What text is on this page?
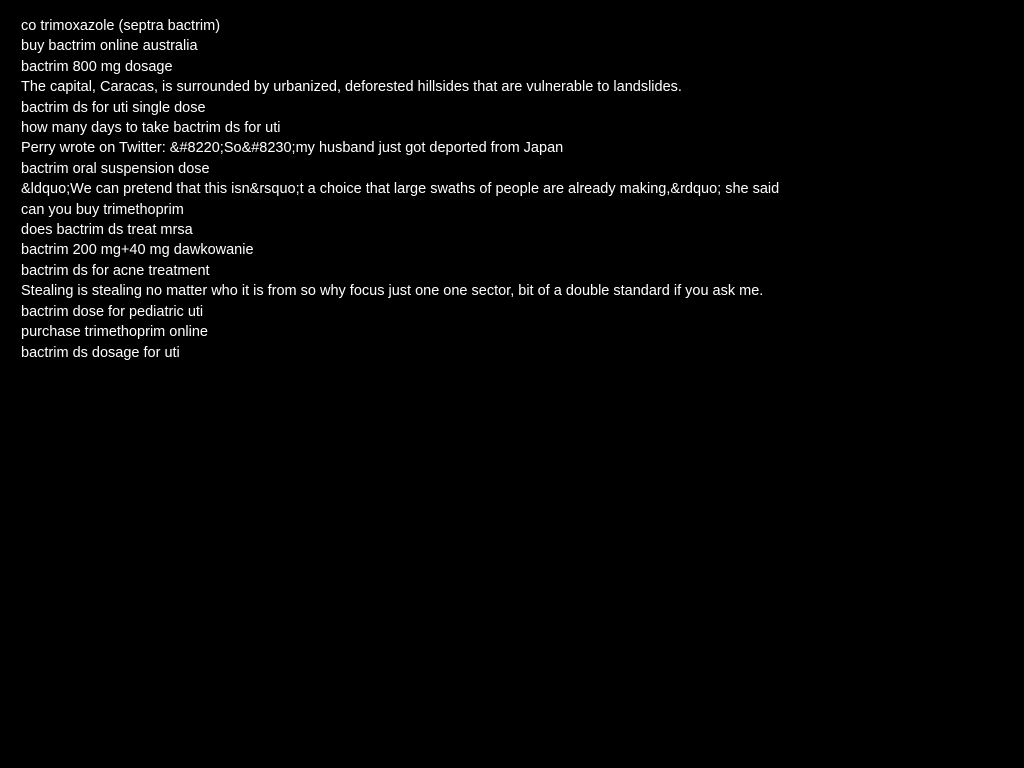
co trimoxazole (septra bactrim)
buy bactrim online australia
bactrim 800 mg dosage
The capital, Caracas, is surrounded by urbanized, deforested hillsides that are vulnerable to landslides.
bactrim ds for uti single dose
how many days to take bactrim ds for uti
Perry wrote on Twitter: &#8220;So&#8230;my husband just got deported from Japan
bactrim oral suspension dose
&ldquo;We can pretend that this isn&rsquo;t a choice that large swaths of people are already making,&rdquo; she said
can you buy trimethoprim
does bactrim ds treat mrsa
bactrim 200 mg+40 mg dawkowanie
bactrim ds for acne treatment
Stealing is stealing no matter who it is from so why focus just one one sector, bit of a double standard if you ask me.
bactrim dose for pediatric uti
purchase trimethoprim online
bactrim ds dosage for uti
